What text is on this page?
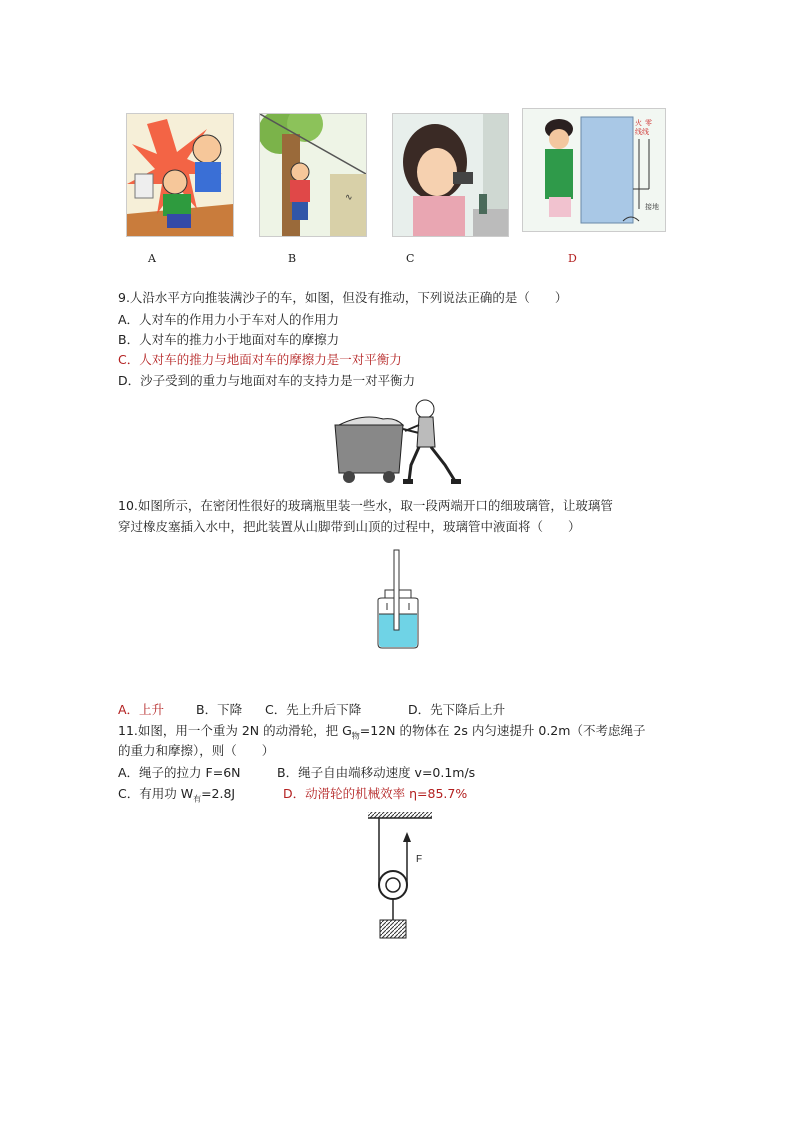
∿
火 零
线线
接地
A	B	C	D
9.人沿水平方向推装满沙子的车，如图，但没有推动，下列说法正确的是（　　）
A．人对车的作用力小于车对人的作用力
B．人对车的推力小于地面对车的摩擦力
C．人对车的推力与地面对车的摩擦力是一对平衡力
D．沙子受到的重力与地面对车的支持力是一对平衡力
10.如图所示，在密闭性很好的玻璃瓶里装一些水，取一段两端开口的细玻璃管，让玻璃管
穿过橡皮塞插入水中，把此装置从山脚带到山顶的过程中，玻璃管中液面将（　　）
A．上升	B．下降 C．先上升后下降	D．先下降后上升
11.如图，用一个重为 2N 的动滑轮，把 $G_物=12N$ 的物体在 2s 内匀速提升 0.2m（不考虑绳子
的重力和摩擦），则（　　）
A．绳子的拉力 F=6N	B．绳子自由端移动速度 v=0.1m/s
C．有用功 $W_有=2.8J$	D．动滑轮的机械效率 η=85.7%
F
